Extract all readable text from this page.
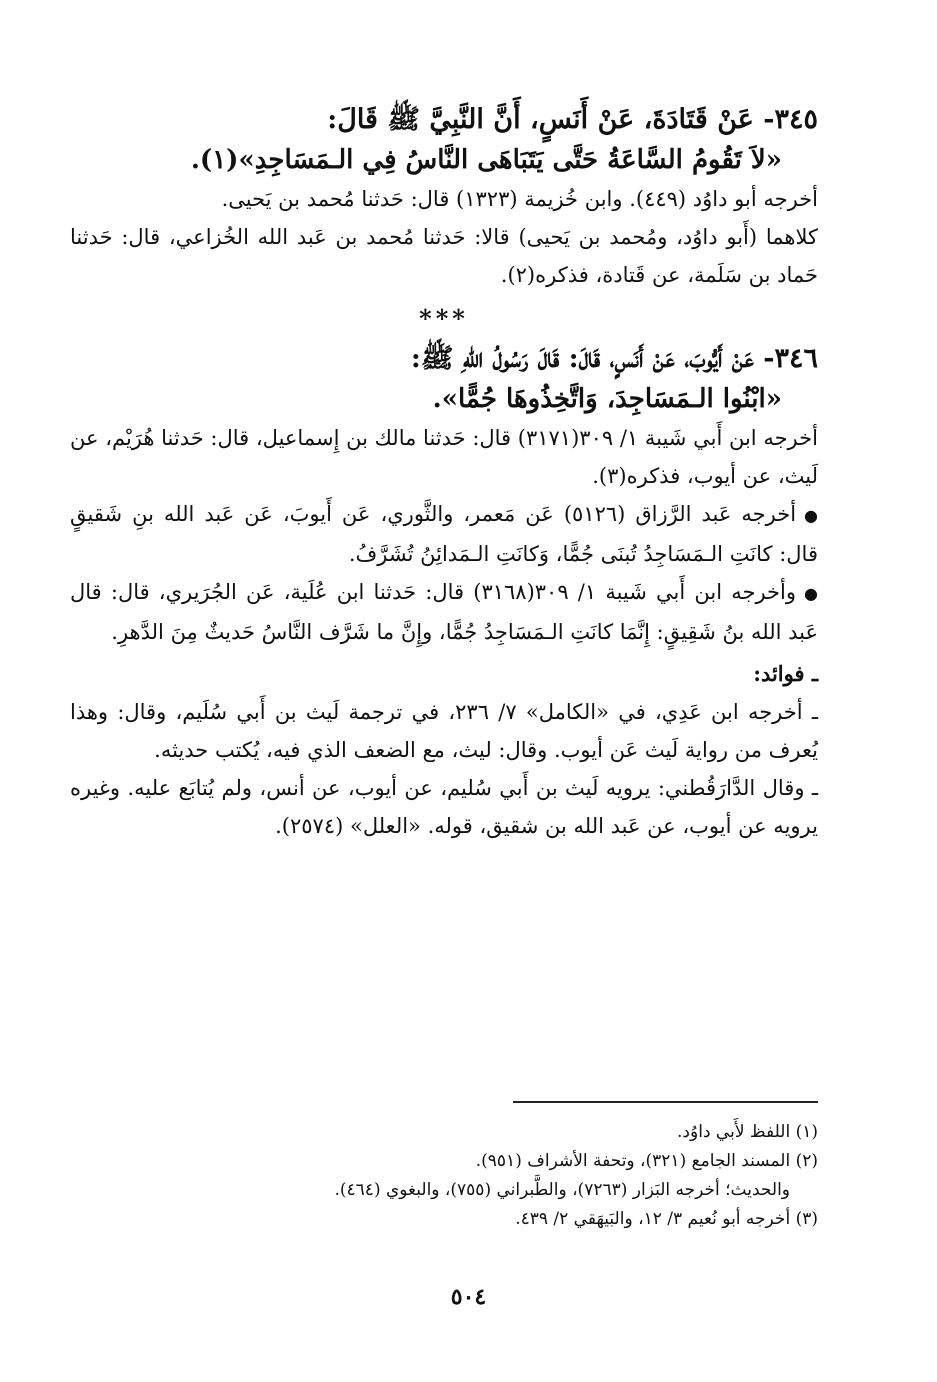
٣٤٥- عَنْ قَتَادَةَ، عَنْ أَنَسٍ، أَنَّ النَّبِيَّ ﷺ قَالَ:

«لاَ تَقُومُ السَّاعَةُ حَتَّى يَتَبَاهَى النَّاسُ فِي الـمَسَاجِدِ»(١).

أخرجه أبو داوُد (٤٤٩). وابن خُزيمة (١٣٢٣) قال: حَدثنا مُحمد بن يَحيى.

كلاهما (أَبو داوُد، ومُحمد بن يَحيى) قالا: حَدثنا مُحمد بن عَبد الله الخُزاعي، قال: حَدثنا حَماد بن سَلَمة، عن قَتادة، فذكره(٢).

***

٣٤٦- عَنْ أَيُّوبَ، عَنْ أَنَسٍ، قَالَ: قَالَ رَسُولُ اللهِ ﷺ:

«ابْنُوا الـمَسَاجِدَ، وَاتَّخِذُوهَا جُمًّا».

أخرجه ابن أَبي شَيبة ١/ ٣٠٩(٣١٧١) قال: حَدثنا مالك بن إِسماعيل، قال: حَدثنا هُرَيْم، عن لَيث، عن أيوب، فذكره(٣).

●أخرجه عَبد الرَّزاق (٥١٢٦) عَن مَعمر، والثَّوري، عَن أَيوبَ، عَن عَبد الله بنِ شَقيقٍ قال: كانَتِ الـمَسَاجِدُ تُبنَى جُمًّا، وَكانَتِ الـمَدائِنُ تُشَرَّفُ.

●وأخرجه ابن أَبي شَيبة ١/ ٣٠٩(٣١٦٨) قال: حَدثنا ابن عُلَية، عَن الجُرَيري، قال: قال عَبد الله بنُ شَقِيقٍ: إِنَّمَا كانَتِ الـمَسَاجِدُ جُمًّا، وإِنَّ ما شَرَّف النَّاسُ حَديثٌ مِنَ الدَّهرِ.

ـ فوائد:

ـ أخرجه ابن عَدِي، في «الكامل» ٧/ ٢٣٦، في ترجمة لَيث بن أَبي سُلَيم، وقال: وهذا يُعرف من رواية لَيث عَن أيوب. وقال: ليث، مع الضعف الذي فيه، يُكتب حديثه.

ـ وقال الدَّارَقُطني: يرويه لَيث بن أَبي سُليم، عن أيوب، عن أنس، ولم يُتابَع عليه. وغيره يرويه عن أيوب، عن عَبد الله بن شقيق، قوله. «العلل» (٢٥٧٤).

(١) اللفظ لأَبي داوُد.

(٢) المسند الجامع (٣٢١)، وتحفة الأشراف (٩٥١).

والحديث؛ أخرجه البَزار (٧٢٦٣)، والطَّبراني (٧٥٥)، والبغوي (٤٦٤).

(٣) أخرجه أبو نُعيم ٣/ ١٢، والبَيهَقي ٢/ ٤٣٩.

٥٠٤
